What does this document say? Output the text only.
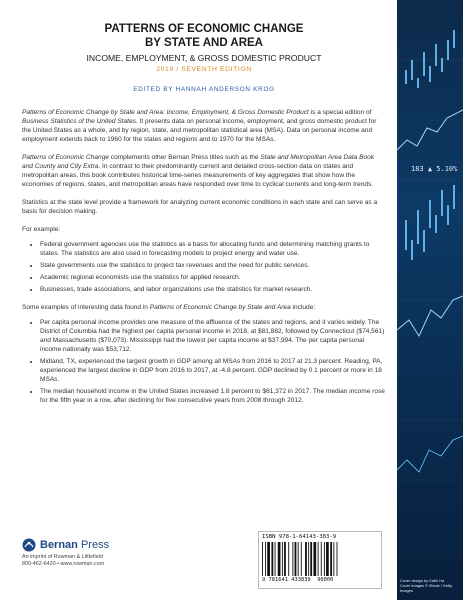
183 ▲ 5.10%
PATTERNS OF ECONOMIC CHANGE
BY STATE AND AREA
INCOME, EMPLOYMENT, & GROSS DOMESTIC PRODUCT
2019 / SEVENTH EDITION
EDITED BY HANNAH ANDERSON KROG

Patterns of Economic Change by State and Area: Income, Employment, & Gross Domestic Product is a special edition of Business Statistics of the United States. It presents data on personal income, employment, and gross domestic product for the United States as a whole, and by region, state, and metropolitan statistical area (MSA). Data on personal income and employment extends back to 1960 for the states and regions and to 1970 for the MSAs.

Patterns of Economic Change complements other Bernan Press titles such as the State and Metropolitan Area Data Book and County and City Extra. In contrast to their predominantly current and detailed cross-section data on states and metropolitan areas, this book contributes historical time-series measurements of key aggregates that show how the economies of regions, states, and metropolitan areas have responded over time to cyclical currents and long-term trends.

Statistics at the state level provide a framework for analyzing current economic conditions in each state and can serve as a basis for decision making.

For example:

• Federal government agencies use the statistics as a basis for allocating funds and determining matching grants to states. The statistics are also used in forecasting models to project energy and water use.
• State governments use the statistics to project tax revenues and the need for public services.
• Academic regional economists use the statistics for applied research.
• Businesses, trade associations, and labor organizations use the statistics for market research.

Some examples of interesting data found in Patterns of Economic Change by State and Area include:

• Per capita personal income provides one measure of the affluence of the states and regions, and it varies widely. The District of Columbia had the highest per capita personal income in 2018, at $81,882, followed by Connecticut ($74,561) and Massachusetts ($70,073). Mississippi had the lowest per capita income at $37,994. The per capita personal income nationally was $53,712.
• Midland, TX, experienced the largest growth in GDP among all MSAs from 2016 to 2017 at 21.3 percent. Reading, PA, experienced the largest decline in GDP from 2016 to 2017, at -4.8 percent. GDP declined by 0.1 percent or more in 18 MSAs.
• The median household income in the United States increased 1.8 percent to $61,372 in 2017. The median income rose for the fifth year in a row, after declining for five consecutive years from 2008 through 2012.
Bernan Press
An imprint of Rowman & Littlefield
800-462-6420 • www.rowman.com
ISBN 978-1-64143-383-9
9 781641 433839 90000	Cover design by Kathi Ha
Cover images © iStock / Getty Images
